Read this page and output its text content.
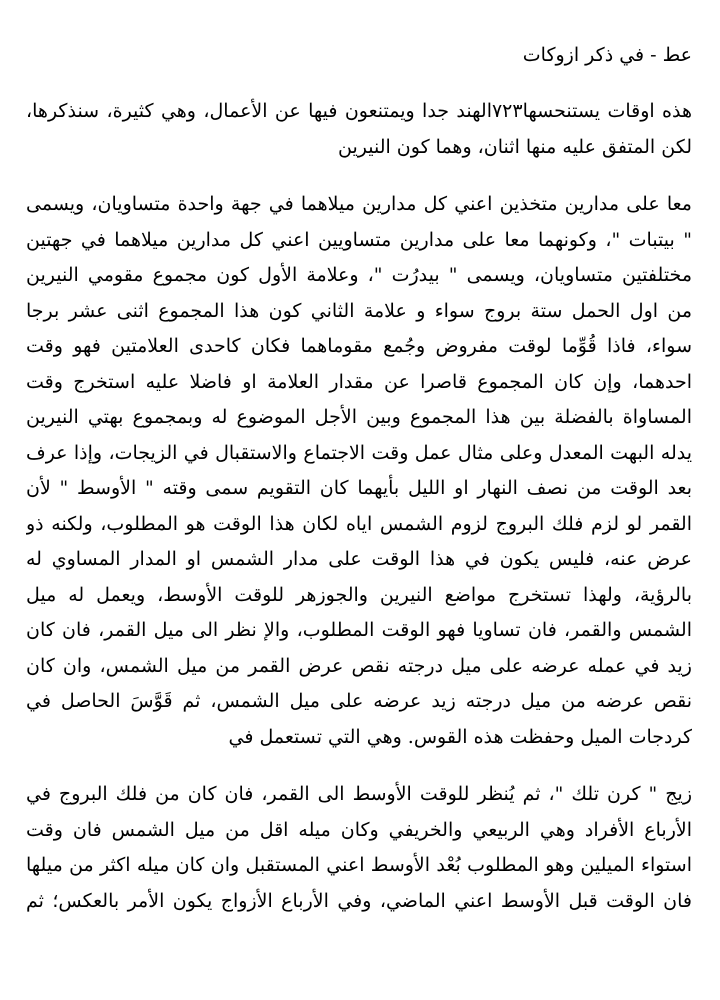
عط - في ذكر ازوكات
هذه اوقات يستنحسها٧٢٣الهند جدا ويمتنعون فيها عن الأعمال، وهي كثيرة، سنذكرها،
لكن المتفق عليه منها اثنان، وهما كون النيرين
معا على مدارين متخذين اعني كل مدارين ميلاهما في جهة واحدة متساويان، ويسمى
" بيتبات "، وكونهما معا على مدارين متساويين اعني كل مدارين ميلاهما في جهتين
مختلفتين متساويان، ويسمى " بيدرُت "، وعلامة الأول كون مجموع مقومي النيرين
من اول الحمل ستة بروج سواء و علامة الثاني كون هذا المجموع اثنى عشر برجا
سواء، فاذا قُوِّما لوقت مفروض وجُمع مقوماهما فكان كاحدى العلامتين فهو وقت
احدهما، وإن كان المجموع قاصرا عن مقدار العلامة او فاضلا عليه استخرج وقت
المساواة بالفضلة بين هذا المجموع وبين الأجل الموضوع له وبمجموع بهتي النيرين
يدله البهت المعدل وعلى مثال عمل وقت الاجتماع والاستقبال في الزيجات، وإذا عرف
بعد الوقت من نصف النهار او الليل بأيهما كان التقويم سمى وقته " الأوسط " لأن
القمر لو لزم فلك البروج لزوم الشمس اياه لكان هذا الوقت هو المطلوب، ولكنه ذو
عرض عنه، فليس يكون في هذا الوقت على مدار الشمس او المدار المساوي له
بالرؤية، ولهذا تستخرج مواضع النيرين والجوزهر للوقت الأوسط، ويعمل له ميل
الشمس والقمر، فان تساويا فهو الوقت المطلوب، والإ نظر الى ميل القمر، فان كان
زيد في عمله عرضه على ميل درجته نقص عرض القمر من ميل الشمس، وان كان
نقص عرضه من ميل درجته زيد عرضه على ميل الشمس، ثم قَوَّسَ الحاصل في
كردجات الميل وحفظت هذه القوس. وهي التي تستعمل في
زيج " كرن تلك "، ثم يُنظر للوقت الأوسط الى القمر، فان كان من فلك البروج في
الأرباع الأفراد وهي الربيعي والخريفي وكان ميله اقل من ميل الشمس فان وقت
استواء الميلين وهو المطلوب بُعْد الأوسط اعني المستقبل وان كان ميله اكثر من ميلها
فان الوقت قبل الأوسط اعني الماضي، وفي الأرباع الأزواج يكون الأمر بالعكس؛ ثم
